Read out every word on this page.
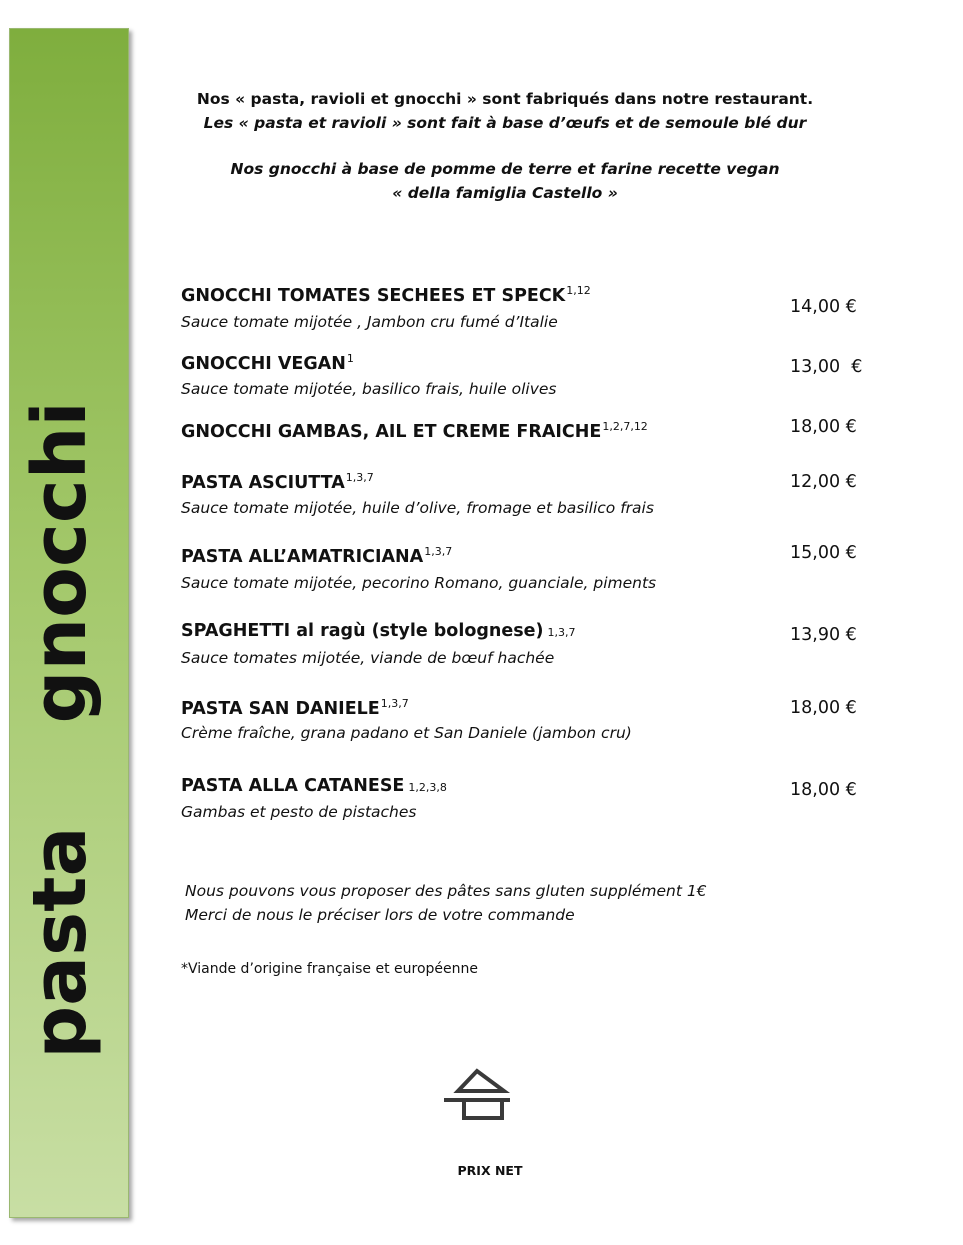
pasta    gnocchi
Nos « pasta, ravioli et gnocchi » sont fabriqués dans notre restaurant.
Les « pasta et ravioli » sont fait à base d’œufs et de semoule blé dur
Nos gnocchi à base de pomme de terre et farine recette vegan
« della famiglia Castello »
GNOCCHI TOMATES SECHEES ET SPECK$^{1,12}$
Sauce tomate mijotée , Jambon cru fumé d’Italie
14,00 €
GNOCCHI VEGAN$^1$
Sauce tomate mijotée, basilico frais, huile olives
13,00  €
GNOCCHI GAMBAS, AIL ET CREME FRAICHE$^{1,2,7,12}$	18,00 €
PASTA ASCIUTTA$^{1,3,7}$
Sauce tomate mijotée, huile d’olive, fromage et basilico frais
12,00 €
PASTA ALL’AMATRICIANA$^{1,3,7}$
Sauce tomate mijotée, pecorino Romano, guanciale, piments
15,00 €
SPAGHETTI al ragù (style bolognese) 1,3,7
Sauce tomates mijotée, viande de bœuf hachée
13,90 €
PASTA SAN DANIELE$^{1,3,7}$
Crème fraîche, grana padano et San Daniele (jambon cru)
18,00 €
PASTA ALLA CATANESE 1,2,3,8
Gambas et pesto de pistaches
18,00 €
Nous pouvons vous proposer des pâtes sans gluten supplément 1€
Merci de nous le préciser lors de votre commande
*Viande d’origine française et européenne
PRIX NET
